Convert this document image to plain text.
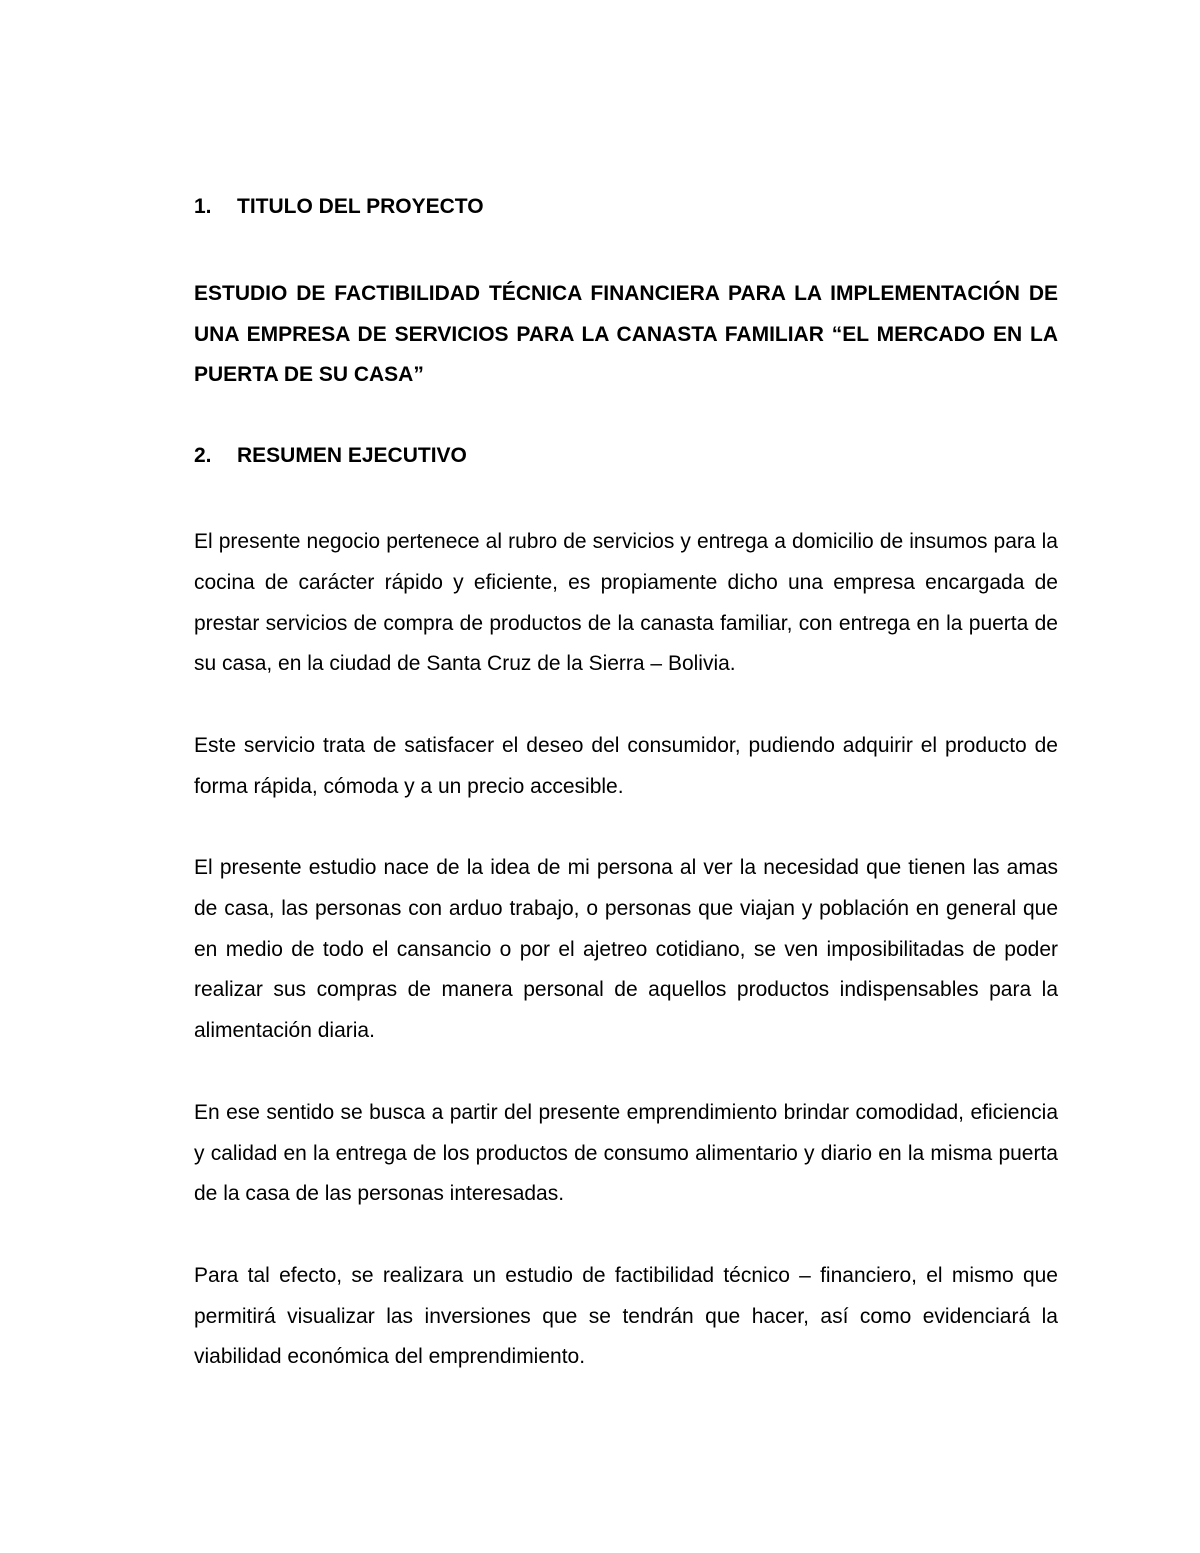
1.	TITULO DEL PROYECTO

ESTUDIO DE FACTIBILIDAD TÉCNICA FINANCIERA PARA LA IMPLEMENTACIÓN DE UNA EMPRESA DE SERVICIOS PARA LA CANASTA FAMILIAR “EL MERCADO EN LA PUERTA DE SU CASA”

2.	RESUMEN EJECUTIVO

El presente negocio pertenece al rubro de servicios y entrega a domicilio de insumos para la cocina de carácter rápido y eficiente, es propiamente dicho una empresa encargada de prestar servicios de compra de productos de la canasta familiar, con entrega en la puerta de su casa, en la ciudad de Santa Cruz de la Sierra – Bolivia.

Este servicio trata de satisfacer el deseo del consumidor, pudiendo adquirir el producto de forma rápida, cómoda y a un precio accesible.

El presente estudio nace de la idea de mi persona al ver la necesidad que tienen las amas de casa, las personas con arduo trabajo, o personas que viajan y población en general que en medio de todo el cansancio o por el ajetreo cotidiano, se ven imposibilitadas de poder realizar sus compras de manera personal de aquellos productos indispensables para la alimentación diaria.

En ese sentido se busca a partir del presente emprendimiento brindar comodidad, eficiencia y calidad en la entrega de los productos de consumo alimentario y diario en la misma puerta de la casa de las personas interesadas.

Para tal efecto, se realizara un estudio de factibilidad técnico – financiero, el mismo que permitirá visualizar las inversiones que se tendrán que hacer, así como evidenciará la viabilidad económica del emprendimiento.
